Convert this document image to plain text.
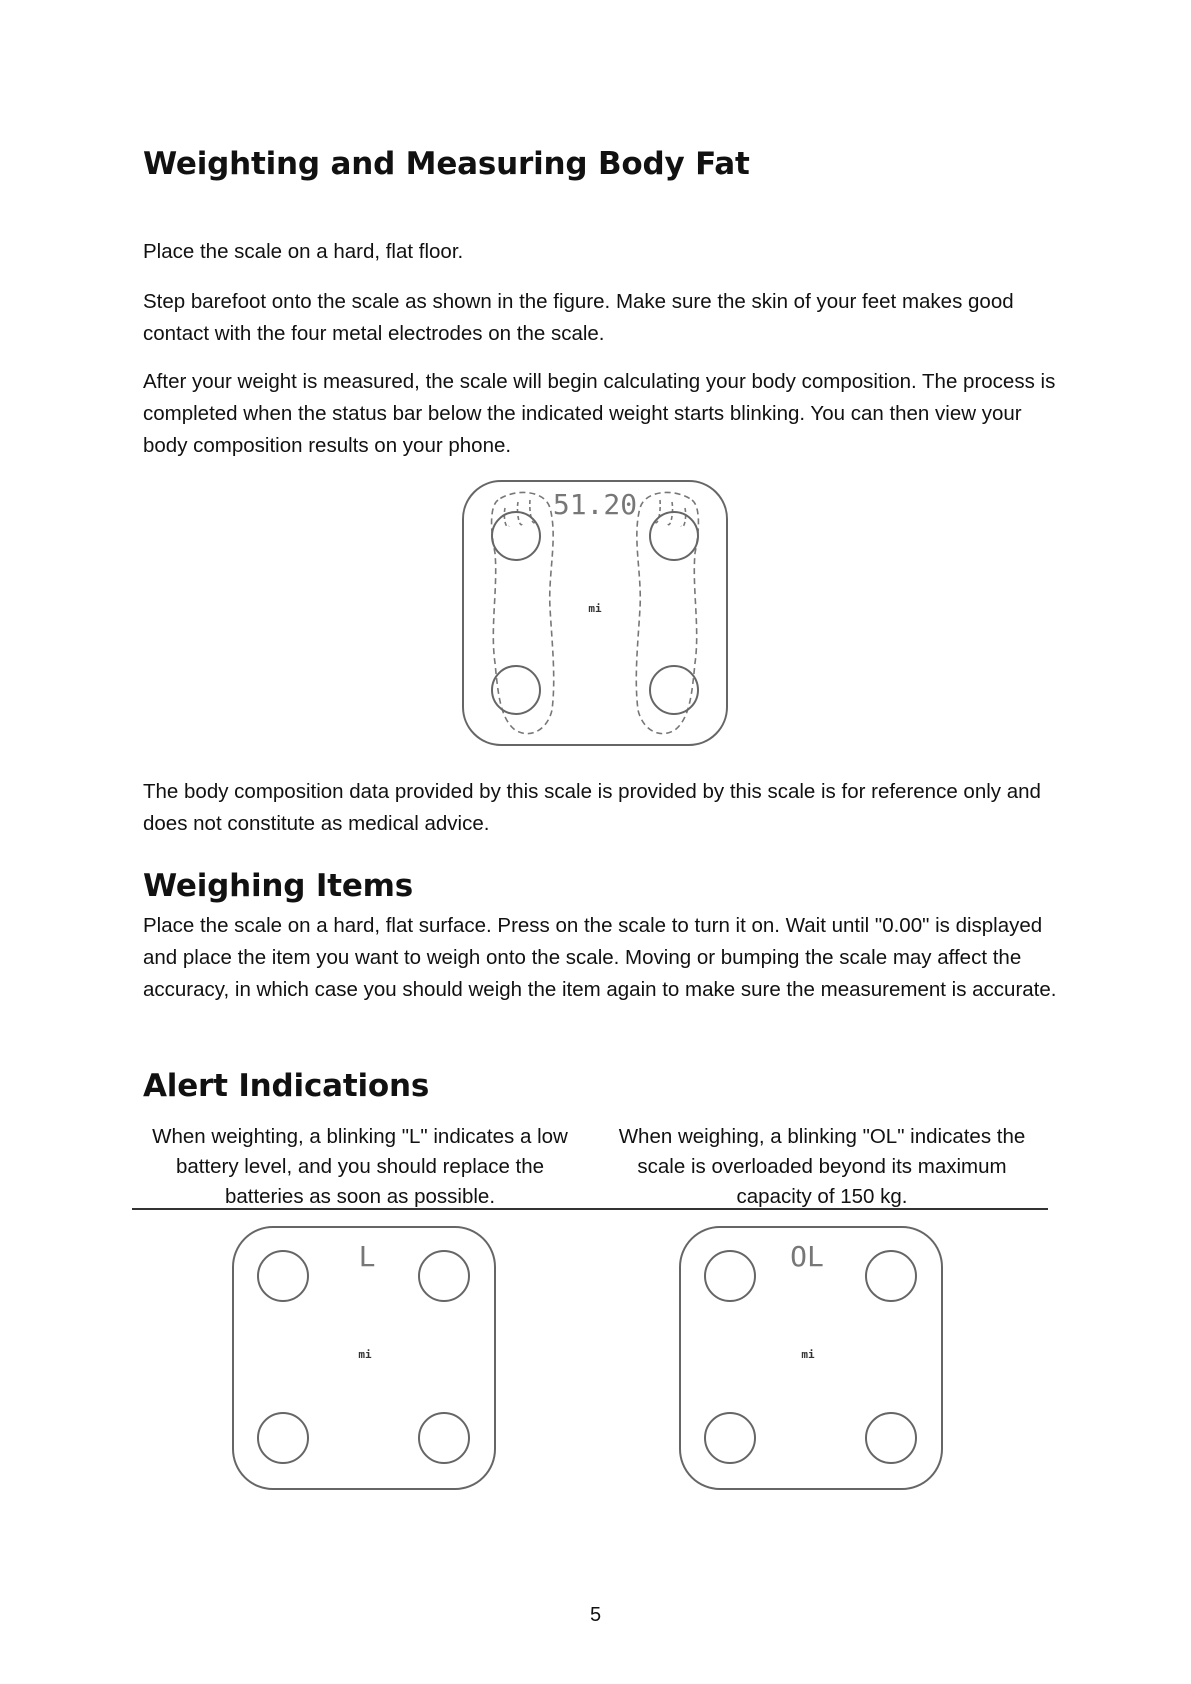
Weighting and Measuring Body Fat

Place the scale on a hard, flat floor.

Step barefoot onto the scale as shown in the figure. Make sure the skin of your feet makes good contact with the four metal electrodes on the scale.

After your weight is measured, the scale will begin calculating your body composition. The process is completed when the status bar below the indicated weight starts blinking. You can then view your body composition results on your phone.

51.20
mi

The body composition data provided by this scale is provided by this scale is for reference only and does not constitute as medical advice.

Weighing Items

Place the scale on a hard, flat surface. Press on the scale to turn it on. Wait until "0.00" is displayed and place the item you want to weigh onto the scale. Moving or bumping the scale may affect the accuracy, in which case you should weigh the item again to make sure the measurement is accurate.

Alert Indications

When weighting, a blinking "L" indicates a low battery level, and you should replace the batteries as soon as possible.

When weighing, a blinking "OL" indicates the scale is overloaded beyond its maximum capacity of 150 kg.

L
mi
OL
mi
5
